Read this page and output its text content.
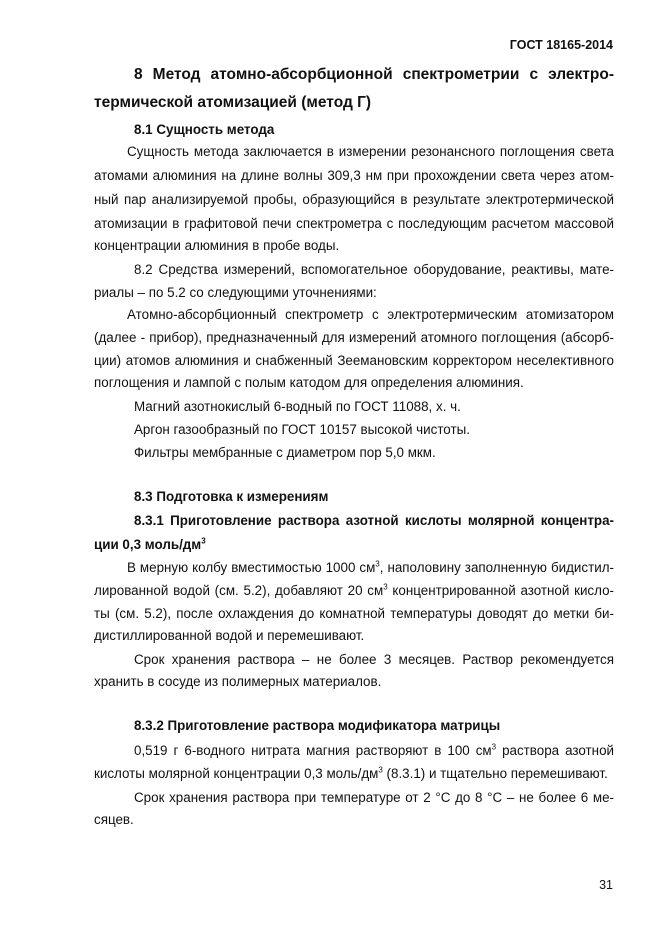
ГОСТ 18165-2014
8 Метод атомно-абсорбционной спектрометрии с электро-
термической атомизацией (метод Г)
8.1 Сущность метода
Сущность метода заключается в измерении резонансного поглощения света
атомами алюминия на длине волны 309,3 нм при прохождении света через атом-
ный пар анализируемой пробы, образующийся в результате электротермической
атомизации в графитовой печи спектрометра с последующим расчетом массовой
концентрации алюминия в пробе воды.
8.2 Средства измерений, вспомогательное оборудование, реактивы, мате-
риалы – по 5.2 со следующими уточнениями:
Атомно-абсорбционный спектрометр с электротермическим атомизатором
(далее - прибор), предназначенный для измерений атомного поглощения (абсорб-
ции) атомов алюминия и снабженный Зеемановским корректором неселективного
поглощения и лампой с полым катодом для определения алюминия.
Магний азотнокислый 6-водный по ГОСТ 11088, х. ч.
Аргон газообразный по ГОСТ 10157 высокой чистоты.
Фильтры мембранные с диаметром пор 5,0 мкм.
8.3 Подготовка к измерениям
8.3.1 Приготовление раствора азотной кислоты молярной концентра-
ции 0,3 моль/$дм^3$
В мерную колбу вместимостью 1000 $см^3$, наполовину заполненную бидистил-
лированной водой (см. 5.2), добавляют 20 $см^3$ концентрированной азотной кисло-
ты (см. 5.2), после охлаждения до комнатной температуры доводят до метки би-
дистиллированной водой и перемешивают.
Срок хранения раствора – не более 3 месяцев. Раствор рекомендуется
хранить в сосуде из полимерных материалов.
8.3.2 Приготовление раствора модификатора матрицы
0,519 г 6-водного нитрата магния растворяют в 100 $см^3$ раствора азотной
кислоты молярной концентрации 0,3 моль/$дм^3$ (8.3.1) и тщательно перемешивают.
Срок хранения раствора при температуре от 2 °С до 8 °С – не более 6 ме-
сяцев.
31
